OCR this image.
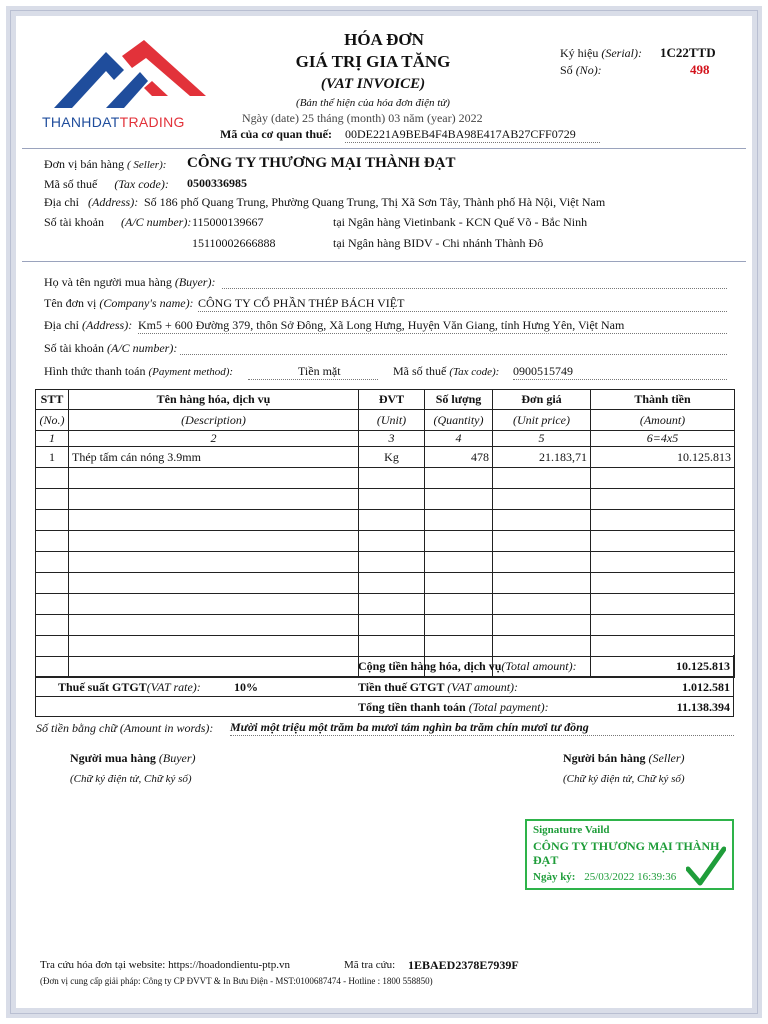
THANHDATTRADING
HÓA ĐƠN
GIÁ TRỊ GIA TĂNG
(VAT INVOICE)
(Bản thể hiện của hóa đơn điện tử)
Ngày (date) 25 tháng (month) 03 năm (year) 2022
Mã của cơ quan thuế: 00DE221A9BEB4F4BA98E417AB27CFF0729
Ký hiệu (Serial): 1C22TTD
Số (No):	498
Đơn vị bán hàng ( Seller): CÔNG TY THƯƠNG MẠI THÀNH ĐẠT
Mã số thuế (Tax code): 0500336985
Địa chỉ (Address): Số 186 phố Quang Trung, Phường Quang Trung, Thị Xã Sơn Tây, Thành phố Hà Nội, Việt Nam
Số tài khoản (A/C number): 115000139667	tại Ngân hàng Vietinbank - KCN Quế Võ - Bắc Ninh
15110002666888	tại Ngân hàng BIDV - Chi nhánh Thành Đô
Họ và tên người mua hàng (Buyer):
Tên đơn vị (Company's name): CÔNG TY CỔ PHẦN THÉP BÁCH VIỆT
Địa chỉ (Address): Km5 + 600 Đường 379, thôn Sở Đông, Xã Long Hưng, Huyện Văn Giang, tỉnh Hưng Yên, Việt Nam
Số tài khoản (A/C number):
Hình thức thanh toán (Payment method):	Tiền mặt	Mã số thuế (Tax code): 0900515749
STT	Tên hàng hóa, dịch vụ	ĐVT	Số lượng	Đơn giá	Thành tiền
(No.)	(Description)	(Unit)	(Quantity)	(Unit price)	(Amount)
1	2	3	4	5	6=4x5
1	Thép tấm cán nóng 3.9mm	Kg	478	21.183,71	10.125.813

Cộng tiền hàng hóa, dịch vụ(Total amount):	10.125.813
Thuế suất GTGT(VAT rate):	10%	Tiền thuế GTGT (VAT amount):	1.012.581
Tổng tiền thanh toán (Total payment):	11.138.394
Số tiền bằng chữ (Amount in words): Mười một triệu một trăm ba mươi tám nghìn ba trăm chín mươi tư đồng
Người mua hàng (Buyer)
(Chữ ký điện tử, Chữ ký số)
Người bán hàng (Seller)
(Chữ ký điện tử, Chữ ký số)
Signatutre Vaild
CÔNG TY THƯƠNG MẠI THÀNH ĐẠT
Ngày ký: 25/03/2022 16:39:36
Tra cứu hóa đơn tại website: https://hoadondientu-ptp.vn	Mã tra cứu: 1EBAED2378E7939F
(Đơn vị cung cấp giải pháp: Công ty CP ĐVVT & In Bưu Điện - MST:0100687474 - Hotline : 1800 558850)
